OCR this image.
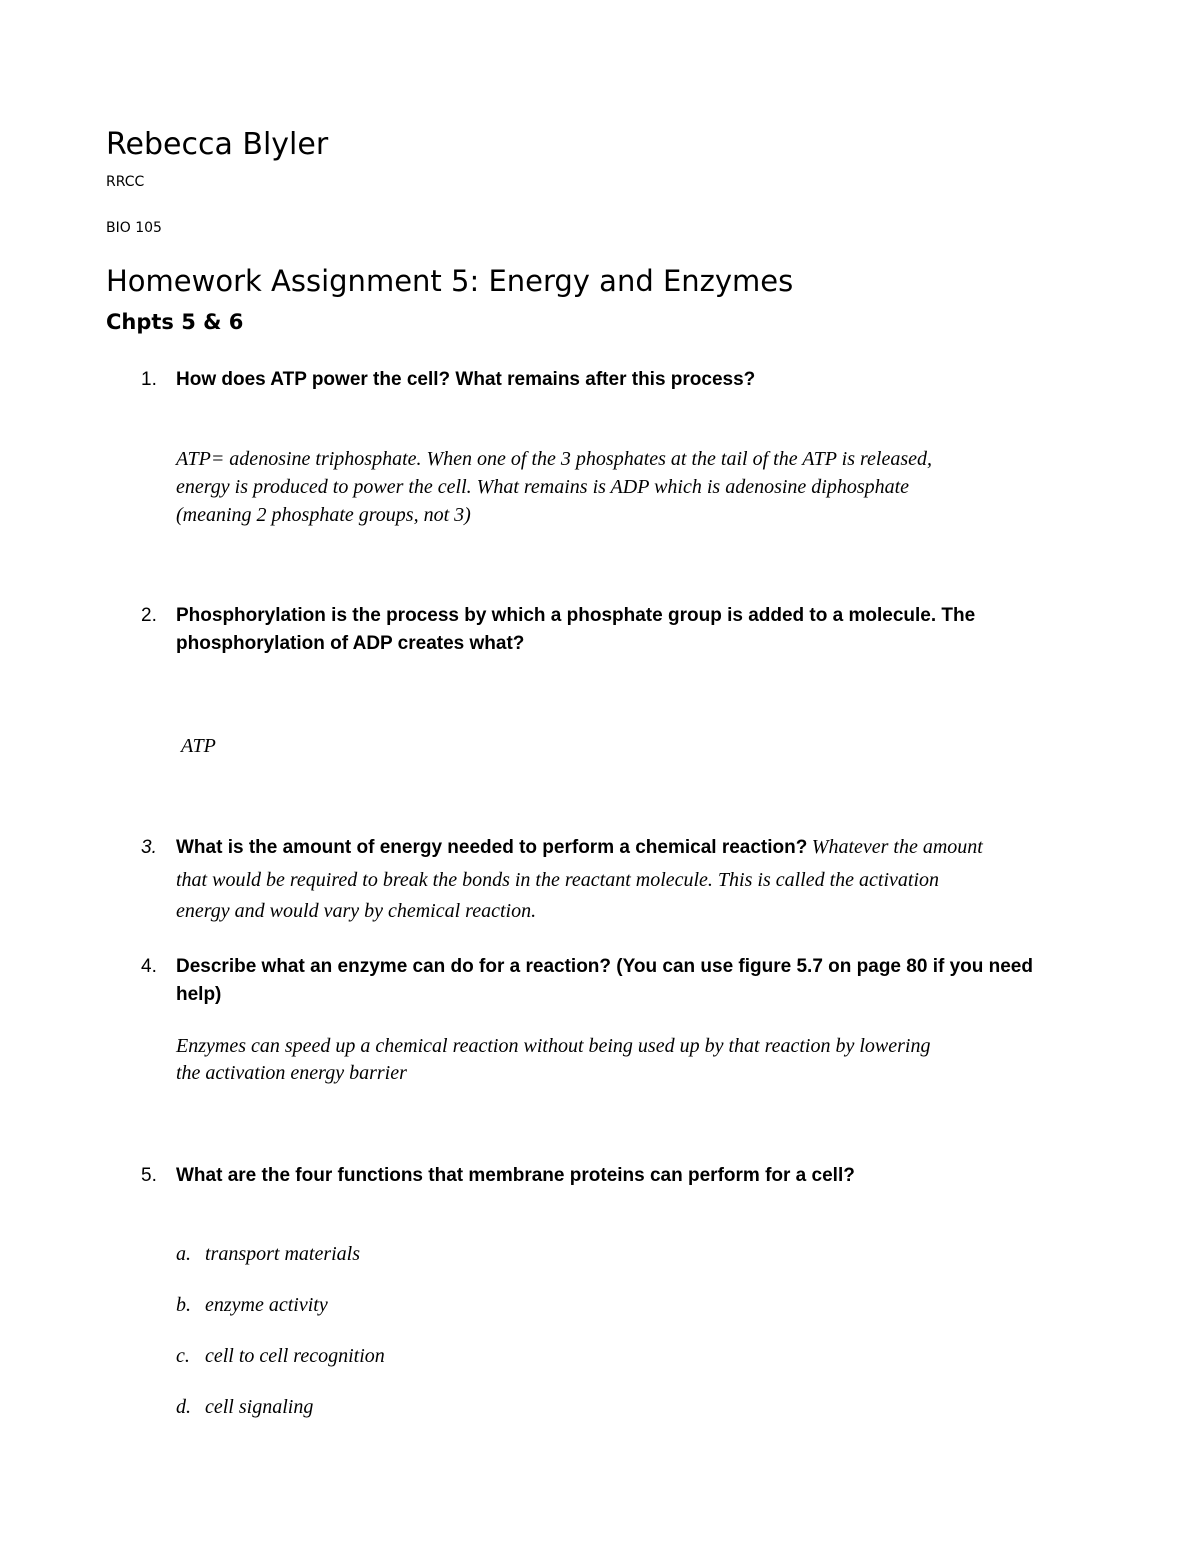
Rebecca Blyler
RRCC
BIO 105
Homework Assignment 5: Energy and Enzymes
Chpts 5 & 6
1. How does ATP power the cell? What remains after this process?
ATP= adenosine triphosphate. When one of the 3 phosphates at the tail of the ATP is released,
energy is produced to power the cell. What remains is ADP which is adenosine diphosphate
(meaning 2 phosphate groups, not 3)
2. Phosphorylation is the process by which a phosphate group is added to a molecule. The
phosphorylation of ADP creates what?
ATP
3. What is the amount of energy needed to perform a chemical reaction? Whatever the amount
that would be required to break the bonds in the reactant molecule. This is called the activation
energy and would vary by chemical reaction.
4. Describe what an enzyme can do for a reaction? (You can use figure 5.7 on page 80 if you need
help)
Enzymes can speed up a chemical reaction without being used up by that reaction by lowering
the activation energy barrier
5. What are the four functions that membrane proteins can perform for a cell?
a. transport materials
b. enzyme activity
c. cell to cell recognition
d. cell signaling
